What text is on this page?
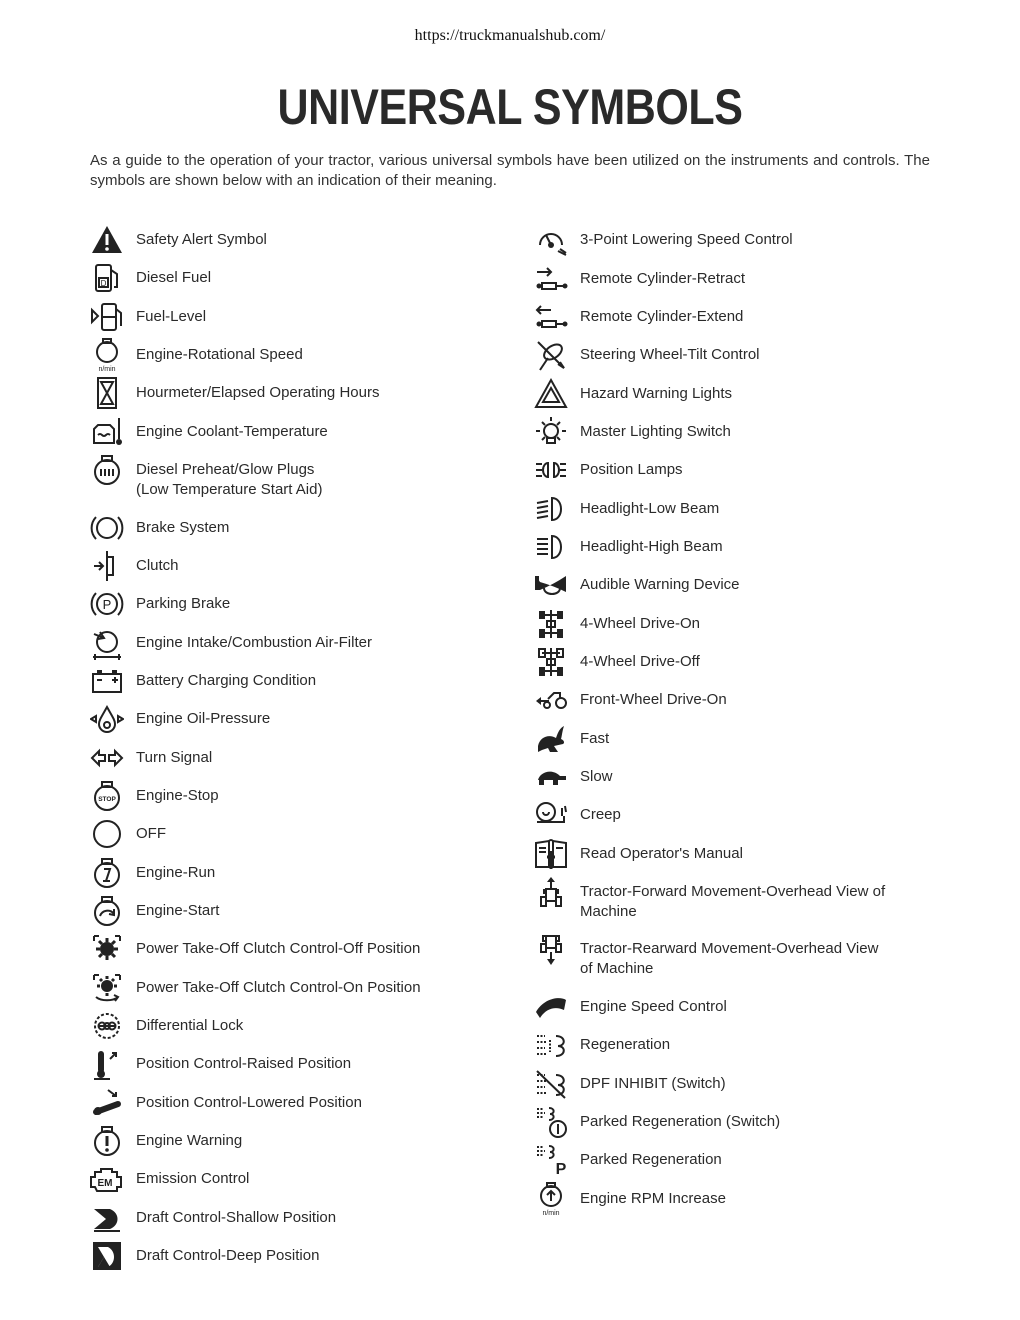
https://truckmanualshub.com/
UNIVERSAL SYMBOLS

As a guide to the operation of your tractor, various universal symbols have been utilized on the instruments and controls. The symbols are shown below with an indication of their meaning.

Safety Alert Symbol
D Diesel Fuel
Fuel-Level
n/min
Engine-Rotational Speed
Hourmeter/Elapsed Operating Hours
Engine Coolant-Temperature
Diesel Preheat/Glow Plugs
(Low Temperature Start Aid)
Brake System
Clutch
P Parking Brake
Engine Intake/Combustion Air-Filter
Battery Charging Condition
Engine Oil-Pressure
Turn Signal
STOP Engine-Stop
OFF
Engine-Run
Engine-Start
Power Take-Off Clutch Control-Off Position
Power Take-Off Clutch Control-On Position
Differential Lock
Position Control-Raised Position
Position Control-Lowered Position
Engine Warning
EM Emission Control
Draft Control-Shallow Position
Draft Control-Deep Position
3-Point Lowering Speed Control
Remote Cylinder-Retract
Remote Cylinder-Extend
Steering Wheel-Tilt Control
Hazard Warning Lights
Master Lighting Switch
Position Lamps
Headlight-Low Beam
Headlight-High Beam
Audible Warning Device
4-Wheel Drive-On
4-Wheel Drive-Off
Front-Wheel Drive-On
Fast
Slow
Creep
Read Operator's Manual
Tractor-Forward Movement-Overhead View of
Machine
Tractor-Rearward Movement-Overhead View
of Machine
Engine Speed Control
Regeneration
DPF INHIBIT (Switch)
Parked Regeneration (Switch)
P
Parked Regeneration
n/min
Engine RPM Increase
